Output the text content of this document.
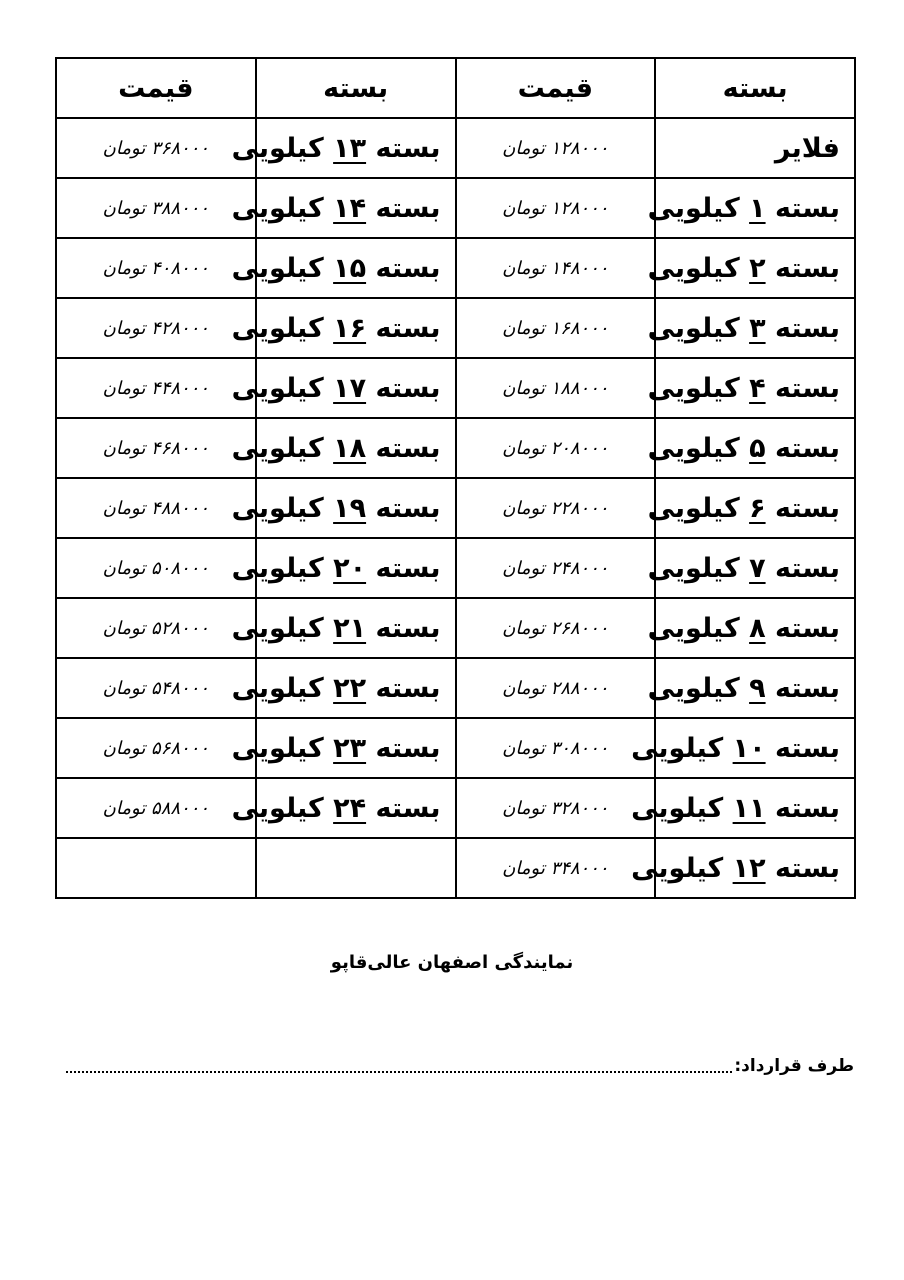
بسته	قیمت	بسته	قیمت
فلایر	۱۲۸۰۰۰ تومان	بسته ۱۳ کیلویی	۳۶۸۰۰۰ تومان
بسته ۱ کیلویی	۱۲۸۰۰۰ تومان	بسته ۱۴ کیلویی	۳۸۸۰۰۰ تومان
بسته ۲ کیلویی	۱۴۸۰۰۰ تومان	بسته ۱۵ کیلویی	۴۰۸۰۰۰ تومان
بسته ۳ کیلویی	۱۶۸۰۰۰ تومان	بسته ۱۶ کیلویی	۴۲۸۰۰۰ تومان
بسته ۴ کیلویی	۱۸۸۰۰۰ تومان	بسته ۱۷ کیلویی	۴۴۸۰۰۰ تومان
بسته ۵ کیلویی	۲۰۸۰۰۰ تومان	بسته ۱۸ کیلویی	۴۶۸۰۰۰ تومان
بسته ۶ کیلویی	۲۲۸۰۰۰ تومان	بسته ۱۹ کیلویی	۴۸۸۰۰۰ تومان
بسته ۷ کیلویی	۲۴۸۰۰۰ تومان	بسته ۲۰ کیلویی	۵۰۸۰۰۰ تومان
بسته ۸ کیلویی	۲۶۸۰۰۰ تومان	بسته ۲۱ کیلویی	۵۲۸۰۰۰ تومان
بسته ۹ کیلویی	۲۸۸۰۰۰ تومان	بسته ۲۲ کیلویی	۵۴۸۰۰۰ تومان
بسته ۱۰ کیلویی	۳۰۸۰۰۰ تومان	بسته ۲۳ کیلویی	۵۶۸۰۰۰ تومان
بسته ۱۱ کیلویی	۳۲۸۰۰۰ تومان	بسته ۲۴ کیلویی	۵۸۸۰۰۰ تومان
بسته ۱۲ کیلویی	۳۴۸۰۰۰ تومان		
نمایندگی اصفهان عالی‌قاپو
طرف قرارداد:
